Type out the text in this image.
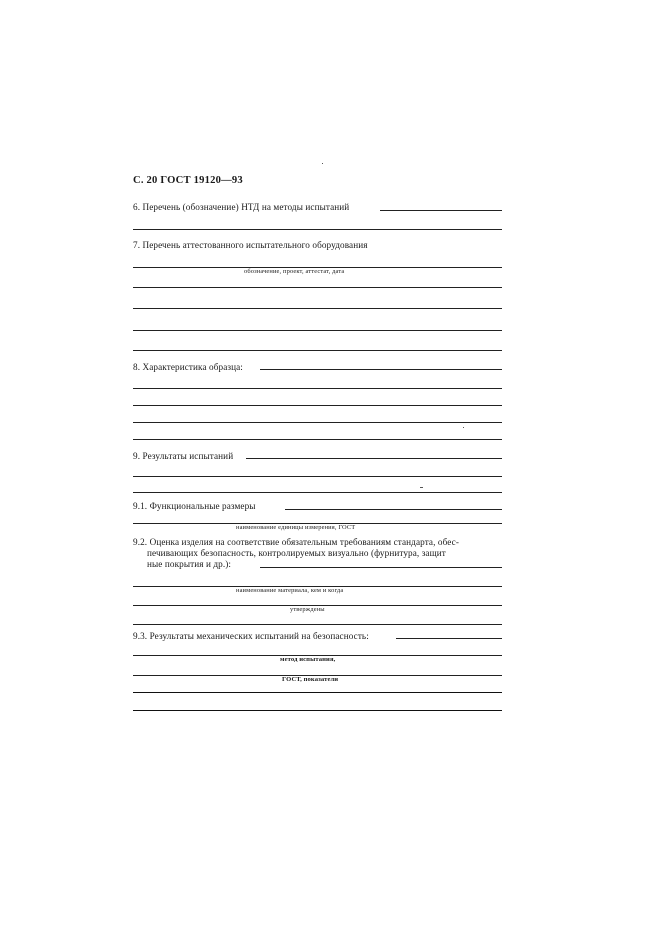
С. 20 ГОСТ 19120—93
6. Перечень (обозначение) НТД на методы испытаний
7. Перечень аттестованного испытательного оборудования
обозначение, проект, аттестат, дата
8. Характеристика образца:
9. Результаты испытаний
9.1. Функциональные размеры
наименование единицы измерения, ГОСТ
9.2. Оценка изделия на соответствие обязательным требованиям стандарта, обес-
печивающих безопасность, контролируемых визуально (фурнитура, защит
ные покрытия и др.):
наименование материала, кем и когда
утверждены
9.3. Результаты механических испытаний на безопасность:
метод испытания,
ГОСТ, показатели
